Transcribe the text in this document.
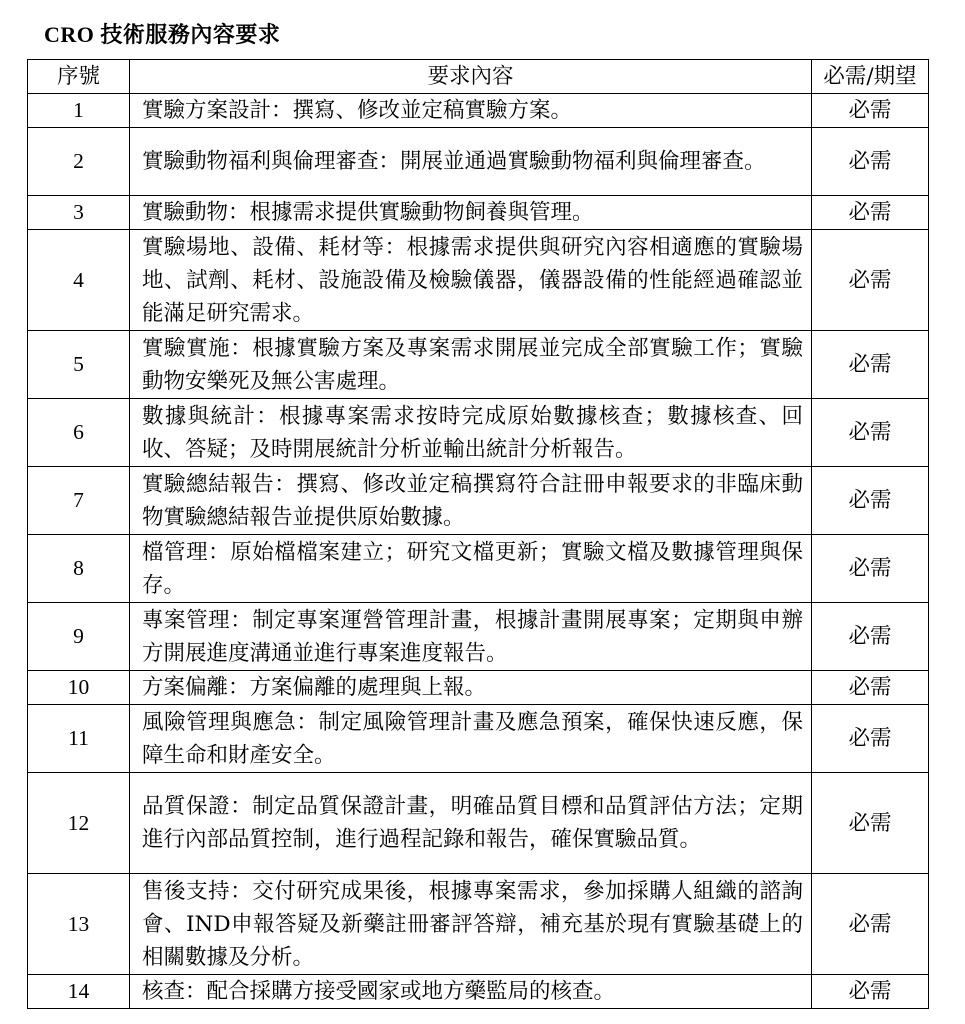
CRO 技術服務內容要求
序號	要求內容	必需/期望
1	實驗方案設計：撰寫、修改並定稿實驗方案。	必需
2	實驗動物福利與倫理審查：開展並通過實驗動物福利與倫理審查。	必需
3	實驗動物：根據需求提供實驗動物飼養與管理。	必需
4	實驗場地、設備、耗材等：根據需求提供與研究內容相適應的實驗場地、試劑、耗材、設施設備及檢驗儀器，儀器設備的性能經過確認並能滿足研究需求。	必需
5	實驗實施：根據實驗方案及專案需求開展並完成全部實驗工作；實驗動物安樂死及無公害處理。	必需
6	數據與統計：根據專案需求按時完成原始數據核查；數據核查、回收、答疑；及時開展統計分析並輸出統計分析報告。	必需
7	實驗總結報告：撰寫、修改並定稿撰寫符合註冊申報要求的非臨床動物實驗總結報告並提供原始數據。	必需
8	檔管理：原始檔檔案建立；研究文檔更新；實驗文檔及數據管理與保存。	必需
9	專案管理：制定專案運營管理計畫，根據計畫開展專案；定期與申辦方開展進度溝通並進行專案進度報告。	必需
10	方案偏離：方案偏離的處理與上報。	必需
11	風險管理與應急：制定風險管理計畫及應急預案，確保快速反應，保障生命和財產安全。	必需
12	品質保證：制定品質保證計畫，明確品質目標和品質評估方法；定期進行內部品質控制，進行過程記錄和報告，確保實驗品質。	必需
13	售後支持：交付研究成果後，根據專案需求，參加採購人組織的諮詢會、IND申報答疑及新藥註冊審評答辯，補充基於現有實驗基礎上的相關數據及分析。	必需
14	核查：配合採購方接受國家或地方藥監局的核查。	必需
